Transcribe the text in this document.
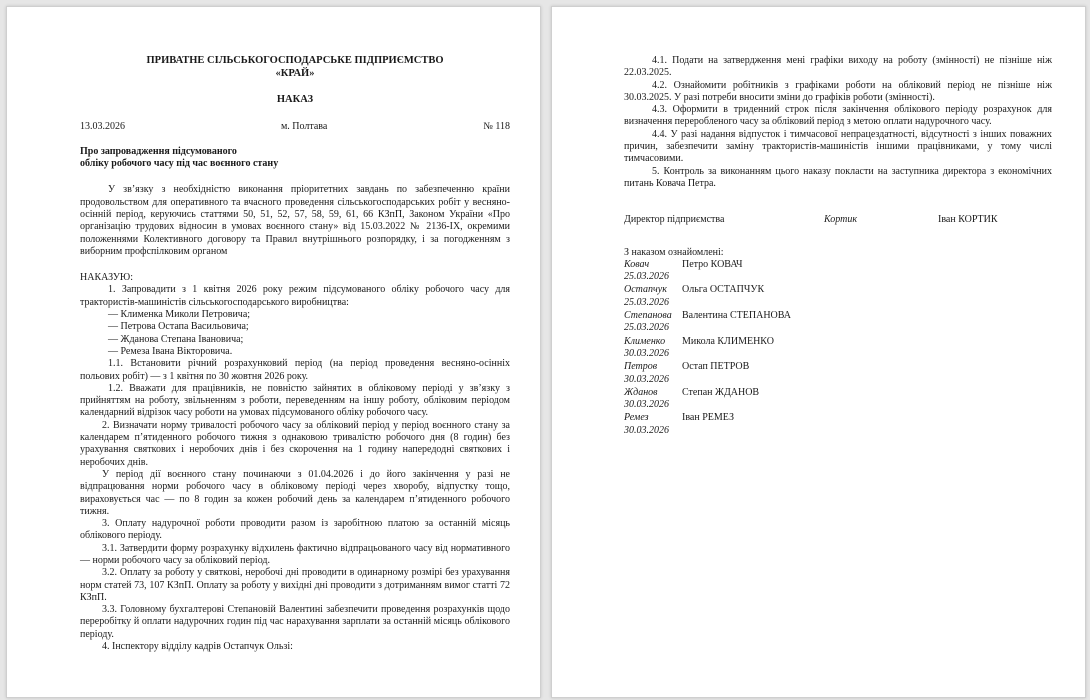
ПРИВАТНЕ СІЛЬСЬКОГОСПОДАРСЬКЕ ПІДПРИЄМСТВО
«КРАЙ»
НАКАЗ
13.03.2026	м. Полтава	№ 118
Про запровадження підсумованого
обліку робочого часу під час воєнного стану

У зв’язку з необхідністю виконання пріоритетних завдань по забезпеченню країни продовольством для оперативного та вчасного проведення сільськогосподарських робіт у весняно-осінній період, керуючись статтями 50, 51, 52, 57, 58, 59, 61, 66 КЗпП, Законом України «Про організацію трудових відносин в умовах воєнного стану» від 15.03.2022 № 2136-IX, окремими положеннями Колективного договору та Правил внутрішнього розпорядку, і за погодженням з виборним профспілковим органом

НАКАЗУЮ:

1. Запровадити з 1 квітня 2026 року режим підсумованого обліку робочого часу для трактористів-машиністів сільськогосподарського виробництва:

— Клименка Миколи Петровича;
— Петрова Остапа Васильовича;
— Жданова Степана Івановича;
— Ремеза Івана Вікторовича.

1.1. Встановити річний розрахунковий період (на період проведення весняно-осінніх польових робіт) — з 1 квітня по 30 жовтня 2026 року.

1.2. Вважати для працівників, не повністю зайнятих в обліковому періоді у зв’язку з прийняттям на роботу, звільненням з роботи, переведенням на іншу роботу, обліковим періодом календарний відрізок часу роботи на умовах підсумованого обліку робочого часу.

2. Визначати норму тривалості робочого часу за обліковий період у період воєнного стану за календарем п’ятиденного робочого тижня з однаковою тривалістю робочого дня (8 годин) без урахування святкових і неробочих днів і без скорочення на 1 годину напередодні святкових і неробочих днів.

У період дії воєнного стану починаючи з 01.04.2026 і до його закінчення у разі не відпрацювання норми робочого часу в обліковому періоді через хворобу, відпустку тощо, вираховується час — по 8 годин за кожен робочий день за календарем п’ятиденного робочого тижня.

3. Оплату надурочної роботи проводити разом із заробітною платою за останній місяць облікового періоду.

3.1. Затвердити форму розрахунку відхилень фактично відпрацьованого часу від нормативного — норми робочого часу за обліковий період.

3.2. Оплату за роботу у святкові, неробочі дні проводити в одинарному розмірі без урахування норм статей 73, 107 КЗпП. Оплату за роботу у вихідні дні проводити з дотриманням вимог статті 72 КЗпП.

3.3. Головному бухгалтерові Степановій Валентині забезпечити проведення розрахунків щодо переробітку й оплати надурочних годин під час нарахування зарплати за останній місяць облікового періоду.

4. Інспектору відділу кадрів Остапчук Ользі:

4.1. Подати на затвердження мені графіки виходу на роботу (змінності) не пізніше ніж 22.03.2025.

4.2. Ознайомити робітників з графіками роботи на обліковий період не пізніше ніж 30.03.2025. У разі потреби вносити зміни до графіків роботи (змінності).

4.3. Оформити в триденний строк після закінчення облікового періоду розрахунок для визначення переробленого часу за обліковий період з метою оплати надурочного часу.

4.4. У разі надання відпусток і тимчасової непрацездатності, відсутності з інших поважних причин, забезпечити заміну трактористів-машиністів іншими працівниками, у тому числі тимчасовими.

5. Контроль за виконанням цього наказу покласти на заступника директора з економічних питань Ковача Петра.

Директор підприємства	Кортик	Іван КОРТИК
З наказом ознайомлені:
Ковач	Петро КОВАЧ
25.03.2026
Остапчук	Ольга ОСТАПЧУК
25.03.2026
Степанова	Валентина СТЕПАНОВА
25.03.2026
Клименко	Микола КЛИМЕНКО
30.03.2026
Петров	Остап ПЕТРОВ
30.03.2026
Жданов	Степан ЖДАНОВ
30.03.2026
Ремез	Іван РЕМЕЗ
30.03.2026
